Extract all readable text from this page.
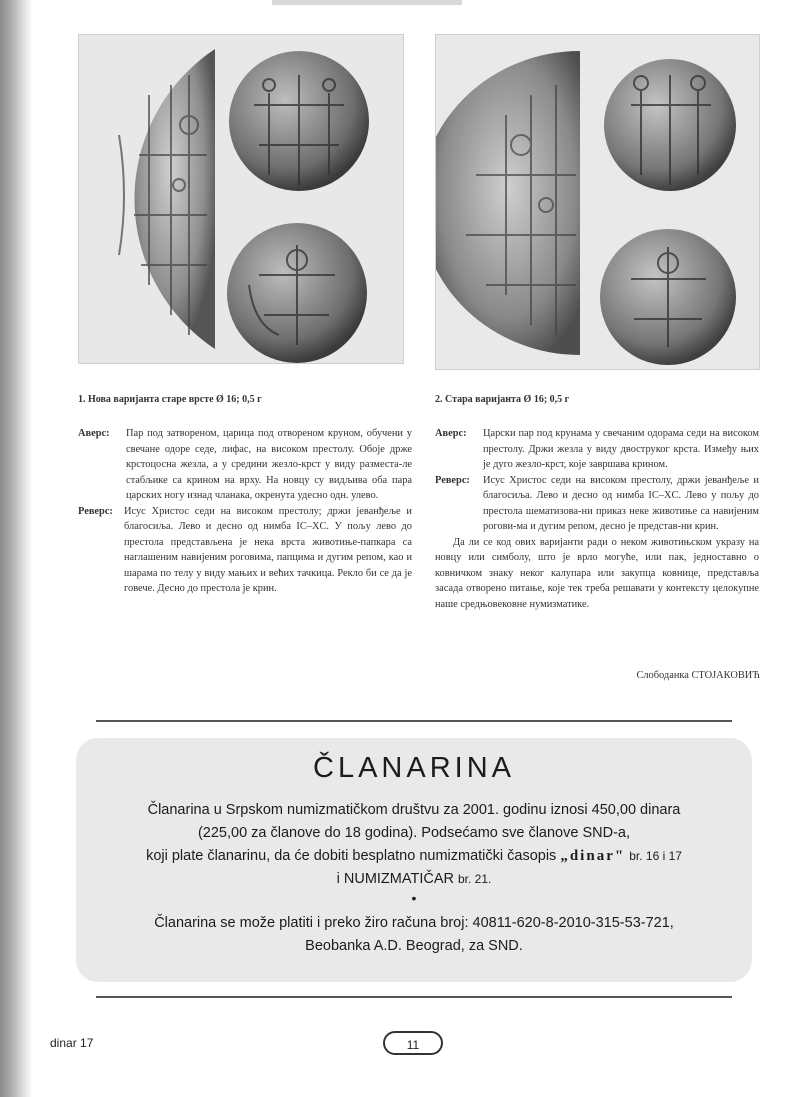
1. Нова варијанта старе врсте Ø 16; 0,5 г	2. Стара варијанта Ø 16; 0,5 г
Аверс:	Пар под затвореном, царица под отвореном круном, обучени у свечане одоре седе, лифас, на високом престолу. Обоје држе крстоцосна жезла, а у средини жезло-крст у виду разместа-ле стабљике са крином на врху. На новцу су видљива оба пара царских ногу изнад чланака, окренута удесно одн. улево.
Реверс:	Исус Христос седи на високом престолу; држи јеванђеље и благосиља. Лево и десно од нимба IC–XC. У пољу лево до престола представљена је нека врста животиње-папкара са наглашеним навијеним роговима, папцима и дугим репом, као и шарама по телу у виду мањих и већих тачкица. Рекло би се да је говече. Десно до престола је крин.
Аверс:	Царски пар под крунама у свечаним одорама седи на високом престолу. Држи жезла у виду двоструког крста. Између њих је дуго жезло-крст, које завршава крином.
Реверс:	Исус Христос седи на високом престолу, држи јеванђеље и благосиља. Лево и десно од нимба IC–XC. Лево у пољу до престола шематизова-ни приказ неке животиње са навијеним рогови-ма и дугим репом, десно је представ-ни крин.
Да ли се код ових варијанти ради о неком животињском укразу на новцу или симболу, што је врло могуће, или пак, једноставно о ковничком знаку неког калупара или закупца ковнице, представља засада отворено питање, које тек треба решавати у контексту целокупне наше средњовековне нумизматике.
Слободанка СТОЈАКОВИЋ
ČLANARINA
Članarina u Srpskom numizmatičkom društvu za 2001. godinu iznosi 450,00 dinara
(225,00 za članove do 18 godina). Podsećamo sve članove SND-a,
koji plate članarinu, da će dobiti besplatno numizmatički časopis „dinar" br. 16 i 17
i NUMIZMATIČAR br. 21.
•
Članarina se može platiti i preko žiro računa broj: 40811-620-8-2010-315-53-721,
Beobanka A.D. Beograd, za SND.
dinar 17	11
